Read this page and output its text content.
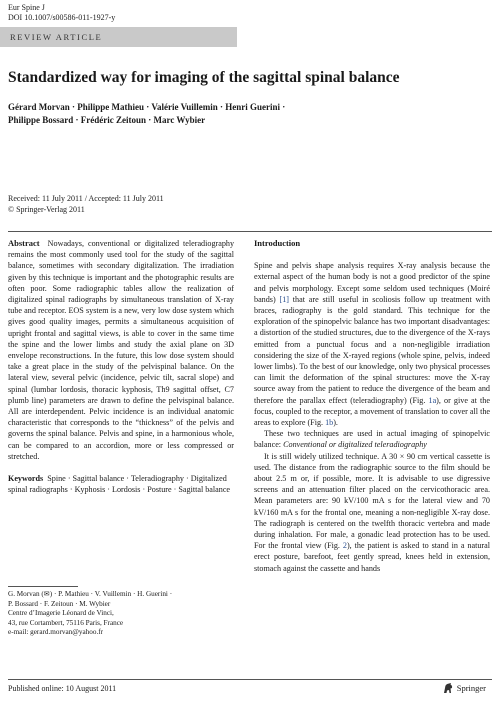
Eur Spine J
DOI 10.1007/s00586-011-1927-y
REVIEW ARTICLE
Standardized way for imaging of the sagittal spinal balance
Gérard Morvan · Philippe Mathieu · Valérie Vuillemin · Henri Guerini ·
Philippe Bossard · Frédéric Zeitoun · Marc Wybier
Received: 11 July 2011 / Accepted: 11 July 2011
© Springer-Verlag 2011

Abstract Nowadays, conventional or digitalized teleradiography remains the most commonly used tool for the study of the sagittal balance, sometimes with secondary digitalization. The irradiation given by this technique is important and the photographic results are often poor. Some radiographic tables allow the realization of digitalized spinal radiographs by simultaneous translation of X-ray tube and receptor. EOS system is a new, very low dose system which gives good quality images, permits a simultaneous acquisition of upright frontal and sagittal views, is able to cover in the same time the spine and the lower limbs and study the axial plane on 3D envelope reconstructions. In the future, this low dose system should take a great place in the study of the pelvispinal balance. On the lateral view, several pelvic (incidence, pelvic tilt, sacral slope) and spinal (lumbar lordosis, thoracic kyphosis, Th9 sagittal offset, C7 plumb line) parameters are drawn to define the pelvispinal balance. All are interdependent. Pelvic incidence is an individual anatomic characteristic that corresponds to the “thickness” of the pelvis and governs the spinal balance. Pelvis and spine, in a harmonious whole, can be compared to an accordion, more or less compressed or stretched.

Keywords Spine · Sagittal balance · Teleradiography · Digitalized spinal radiographs · Kyphosis · Lordosis · Posture · Sagittal balance

G. Morvan (✉) · P. Mathieu · V. Vuillemin · H. Guerini ·
P. Bossard · F. Zeitoun · M. Wybier
Centre d’Imagerie Léonard de Vinci,
43, rue Cortambert, 75116 Paris, France
e-mail: gerard.morvan@yahoo.fr
Introduction

Spine and pelvis shape analysis requires X-ray analysis because the external aspect of the human body is not a good predictor of the spine and pelvis morphology. Except some seldom used techniques (Moiré bands) [1] that are still useful in scoliosis follow up treatment with braces, radiography is the gold standard. This technique for the exploration of the spinopelvic balance has two important disadvantages: a distortion of the studied structures, due to the divergence of the X-rays emitted from a punctual focus and a non-negligible irradiation considering the size of the X-rayed regions (whole spine, pelvis, indeed lower limbs). To the best of our knowledge, only two physical processes can limit the deformation of the spinal structures: move the X-ray source away from the patient to reduce the divergence of the beam and therefore the parallax effect (teleradiography) (Fig. 1a), or give at the focus, coupled to the receptor, a movement of translation to cover all the areas to explore (Fig. 1b).

These two techniques are used in actual imaging of spinopelvic balance: Conventional or digitalized teleradiography

It is still widely utilized technique. A 30 × 90 cm vertical cassette is used. The distance from the radiographic source to the film should be about 2.5 m or, if possible, more. It is advisable to use digressive screens and an attenuation filter placed on the cervicothoracic area. Mean parameters are: 90 kV/100 mA s for the lateral view and 70 kV/160 mA s for the frontal one, meaning a non-negligible X-ray dose. The radiograph is centered on the twelfth thoracic vertebra and made during inhalation. For male, a gonadic lead protection has to be used. For the frontal view (Fig. 2), the patient is asked to stand in a natural erect posture, barefoot, feet gently spread, knees held in extension, stomach against the cassette and hands

Published online: 10 August 2011	Springer
